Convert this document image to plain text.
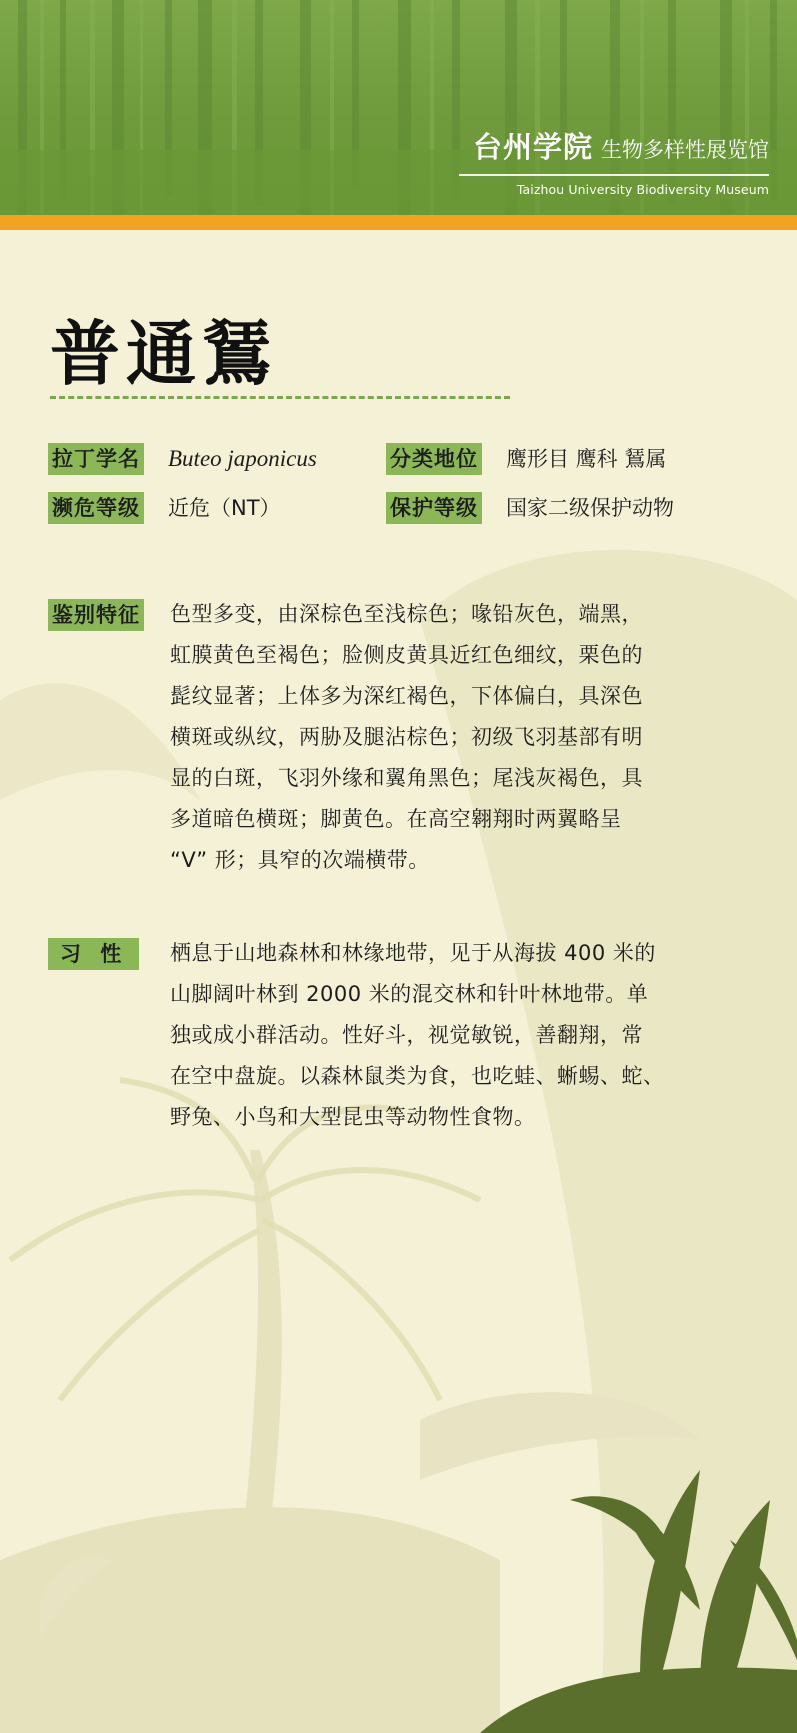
台州学院 生物多样性展览馆
Taizhou University Biodiversity Museum
普通鵟
拉丁学名 Buteo japonicus	分类地位 鹰形目 鹰科 鵟属
濒危等级 近危（NT）	保护等级 国家二级保护动物
鉴别特征 色型多变，由深棕色至浅棕色；喙铅灰色，端黑，
虹膜黄色至褐色；脸侧皮黄具近红色细纹，栗色的
髭纹显著；上体多为深红褐色，下体偏白，具深色
横斑或纵纹，两胁及腿沾棕色；初级飞羽基部有明
显的白斑，飞羽外缘和翼角黑色；尾浅灰褐色，具
多道暗色横斑；脚黄色。在高空翱翔时两翼略呈
“V” 形；具窄的次端横带。
习 性	栖息于山地森林和林缘地带，见于从海拔 400 米的
山脚阔叶林到 2000 米的混交林和针叶林地带。单
独或成小群活动。性好斗，视觉敏锐，善翻翔，常
在空中盘旋。以森林鼠类为食，也吃蛙、蜥蜴、蛇、
野兔、小鸟和大型昆虫等动物性食物。
